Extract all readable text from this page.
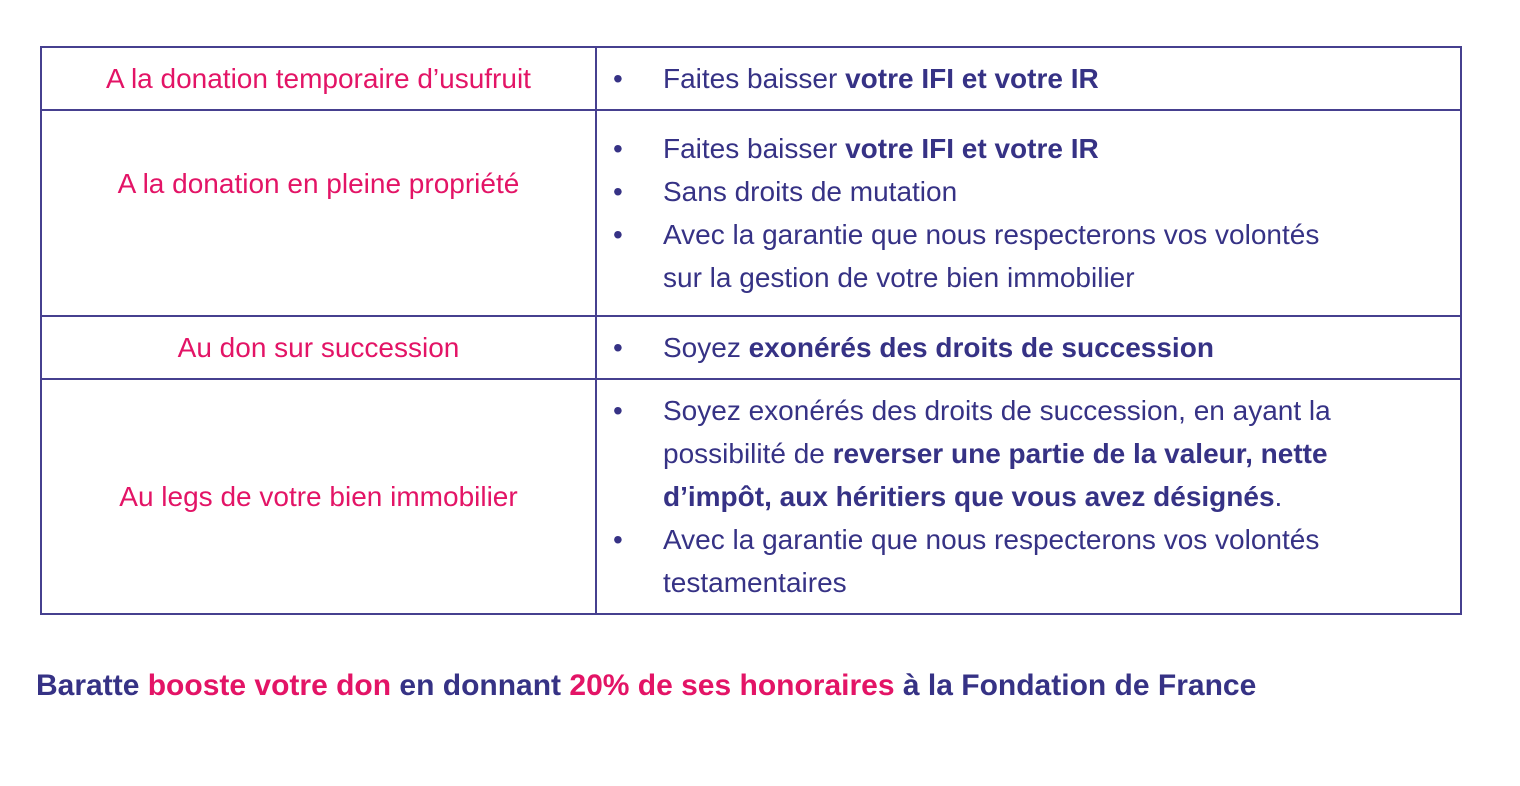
A la donation temporaire d’usufruit	• Faites baisser votre IFI et votre IR
A la donation en pleine propriété
• Faites baisser votre IFI et votre IR
• Sans droits de mutation
• Avec la garantie que nous respecterons vos volontés
sur la gestion de votre bien immobilier
Au don sur succession	• Soyez exonérés des droits de succession
Au legs de votre bien immobilier
• Soyez exonérés des droits de succession, en ayant la
possibilité de reverser une partie de la valeur, nette
d’impôt, aux héritiers que vous avez désignés.
• Avec la garantie que nous respecterons vos volontés
testamentaires

Baratte booste votre don en donnant 20% de ses honoraires à la Fondation de France
